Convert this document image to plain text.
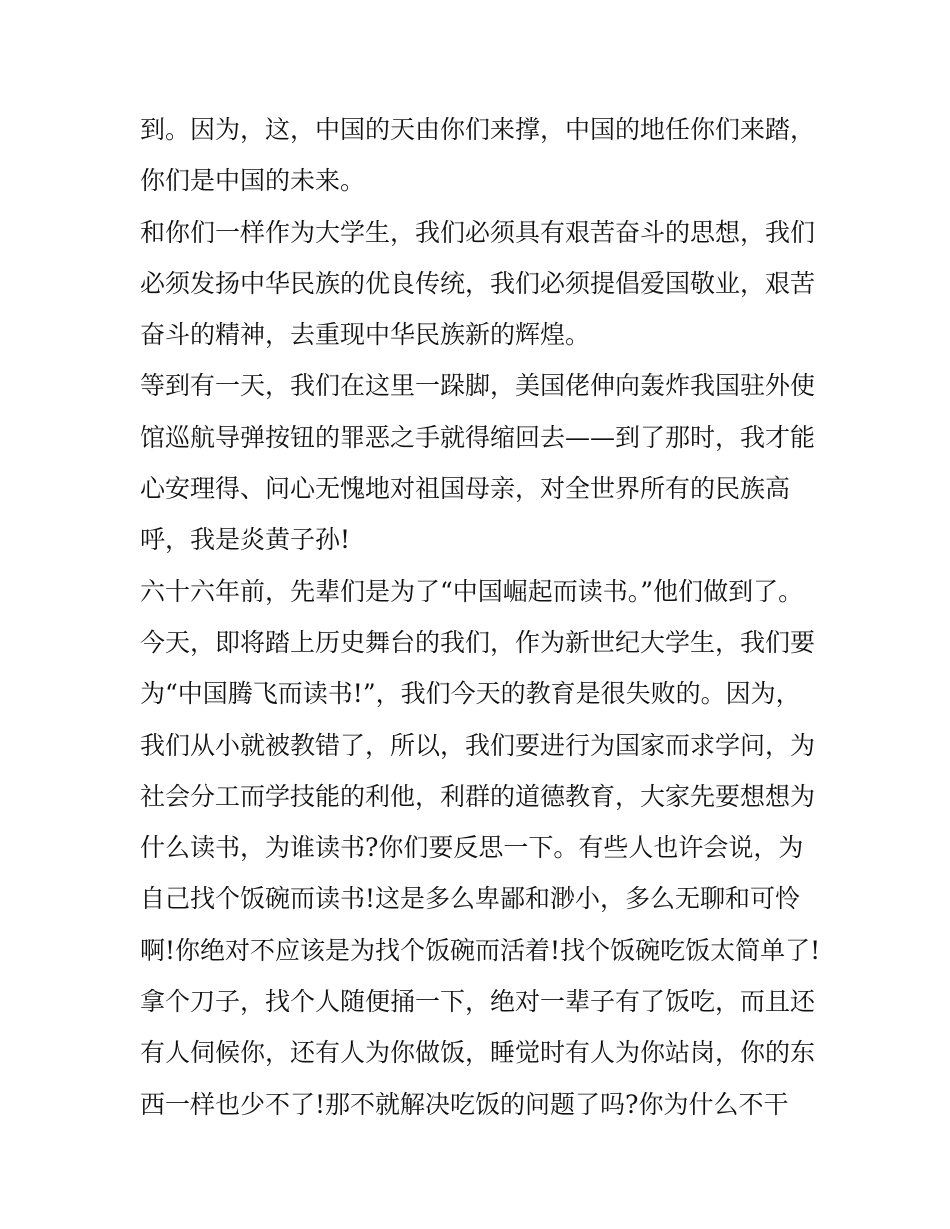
到。因为，这，中国的天由你们来撑，中国的地任你们来踏，
你们是中国的未来。
和你们一样作为大学生，我们必须具有艰苦奋斗的思想，我们
必须发扬中华民族的优良传统，我们必须提倡爱国敬业，艰苦
奋斗的精神，去重现中华民族新的辉煌。
等到有一天，我们在这里一跺脚，美国佬伸向轰炸我国驻外使
馆巡航导弹按钮的罪恶之手就得缩回去——到了那时，我才能
心安理得、问心无愧地对祖国母亲，对全世界所有的民族高
呼，我是炎黄子孙!
六十六年前，先辈们是为了“中国崛起而读书。”他们做到了。
今天，即将踏上历史舞台的我们，作为新世纪大学生，我们要
为“中国腾飞而读书!”，我们今天的教育是很失败的。因为，
我们从小就被教错了，所以，我们要进行为国家而求学问，为
社会分工而学技能的利他，利群的道德教育，大家先要想想为
什么读书，为谁读书?你们要反思一下。有些人也许会说，为
自己找个饭碗而读书!这是多么卑鄙和渺小，多么无聊和可怜
啊!你绝对不应该是为找个饭碗而活着!找个饭碗吃饭太简单了!
拿个刀子，找个人随便捅一下，绝对一辈子有了饭吃，而且还
有人伺候你，还有人为你做饭，睡觉时有人为你站岗，你的东
西一样也少不了!那不就解决吃饭的问题了吗?你为什么不干
